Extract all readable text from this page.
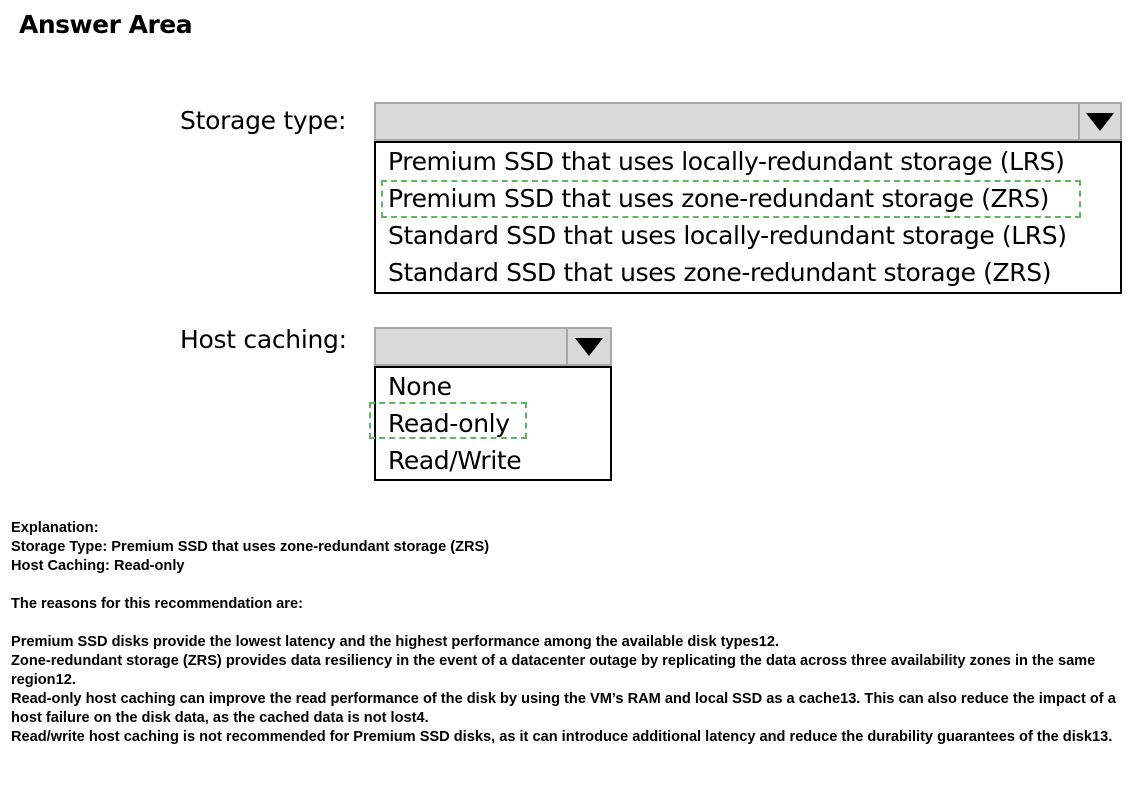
Answer Area
Storage type:
Premium SSD that uses locally-redundant storage (LRS)
Premium SSD that uses zone-redundant storage (ZRS)
Standard SSD that uses locally-redundant storage (LRS)
Standard SSD that uses zone-redundant storage (ZRS)
Host caching:
None
Read-only
Read/Write

Explanation:

Storage Type: Premium SSD that uses zone-redundant storage (ZRS)

Host Caching: Read-only

The reasons for this recommendation are:

Premium SSD disks provide the lowest latency and the highest performance among the available disk types12.

Zone-redundant storage (ZRS) provides data resiliency in the event of a datacenter outage by replicating the data across three availability zones in the same region12.

Read-only host caching can improve the read performance of the disk by using the VM’s RAM and local SSD as a cache13. This can also reduce the impact of a host failure on the disk data, as the cached data is not lost4.

Read/write host caching is not recommended for Premium SSD disks, as it can introduce additional latency and reduce the durability guarantees of the disk13.
